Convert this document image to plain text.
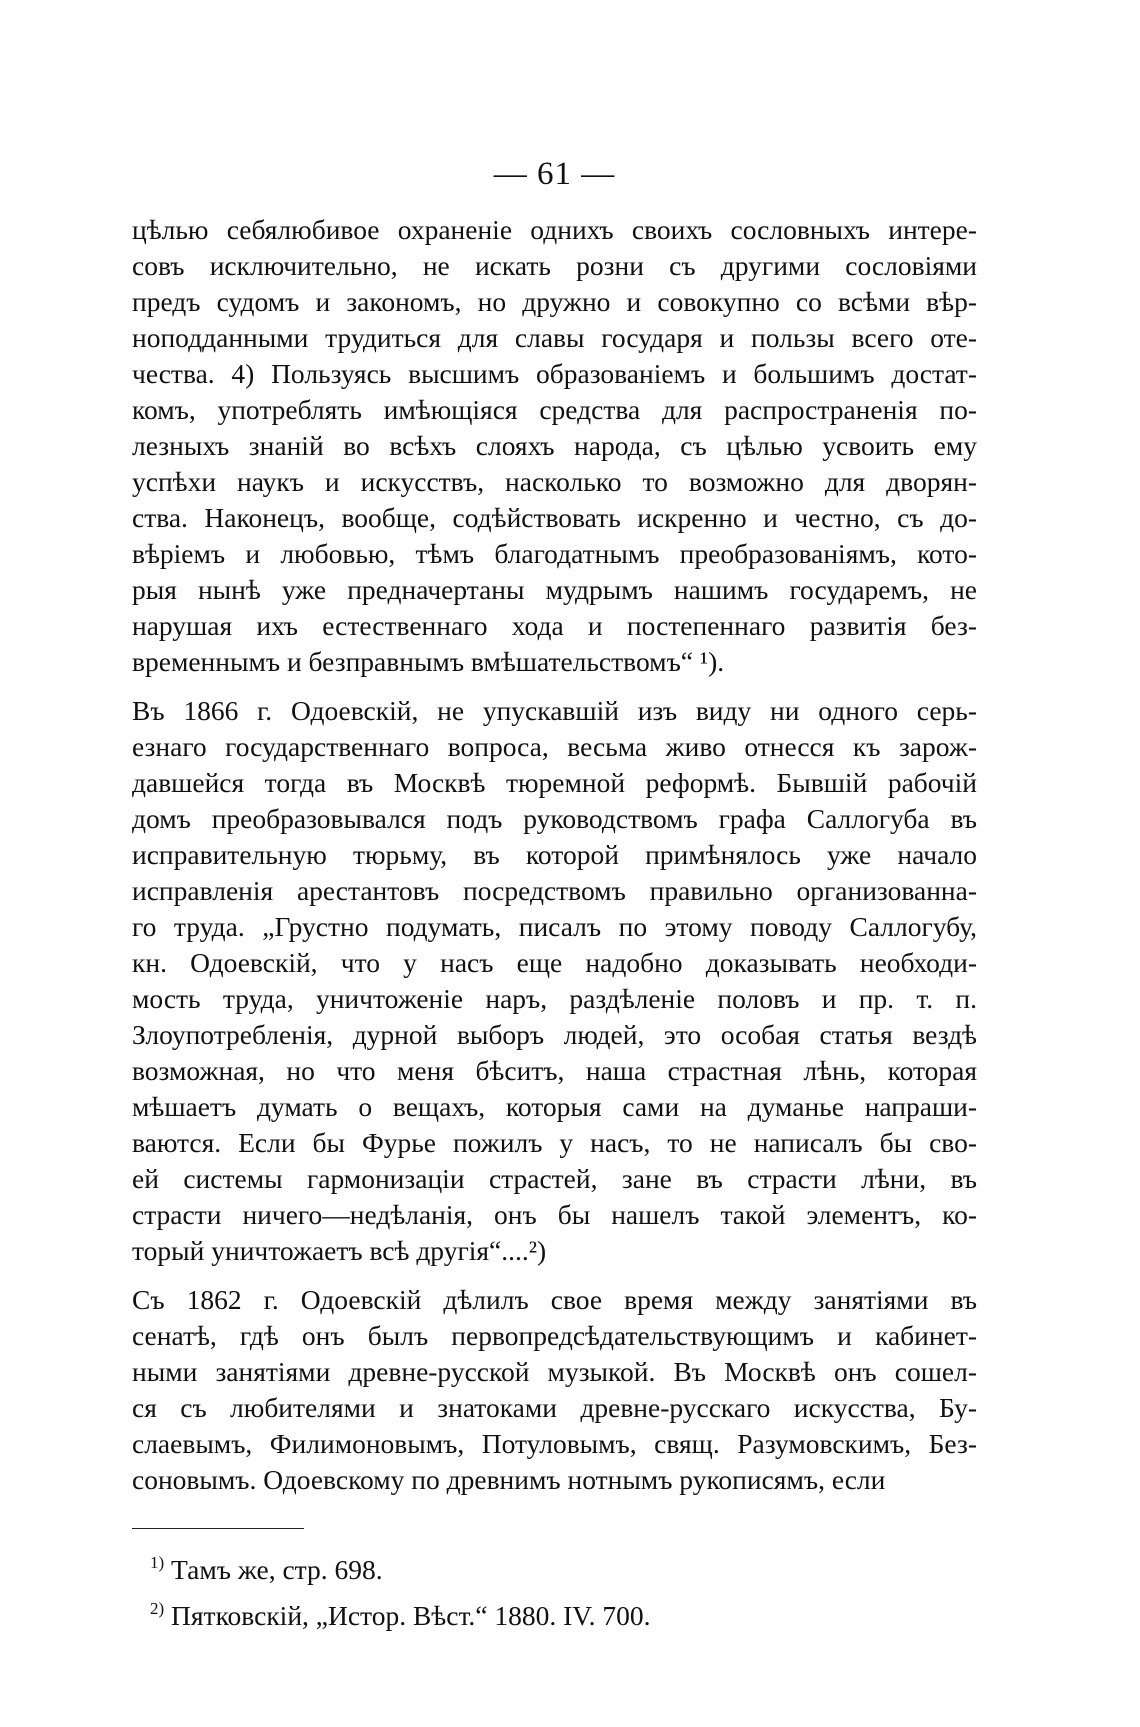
— 61 —

цѣлью себялюбивое охраненіе однихъ своихъ сословныхъ интере-
совъ исключительно, не искать розни съ другими сословіями
предъ судомъ и закономъ, но дружно и совокупно со всѣми вѣр-
ноподданными трудиться для славы государя и пользы всего оте-
чества. 4) Пользуясь высшимъ образованіемъ и большимъ достат-
комъ, употреблять имѣющіяся средства для распространенія по-
лезныхъ знаній во всѣхъ слояхъ народа, съ цѣлью усвоить ему
успѣхи наукъ и искусствъ, насколько то возможно для дворян-
ства. Наконецъ, вообще, содѣйствовать искренно и честно, съ до-
вѣріемъ и любовью, тѣмъ благодатнымъ преобразованіямъ, кото-
рыя нынѣ уже предначертаны мудрымъ нашимъ государемъ, не
нарушая ихъ естественнаго хода и постепеннаго развитія без-
временнымъ и безправнымъ вмѣшательствомъ“ ¹).

Въ 1866 г. Одоевскій, не упускавшій изъ виду ни одного серь-
езнаго государственнаго вопроса, весьма живо отнесся къ зарож-
давшейся тогда въ Москвѣ тюремной реформѣ. Бывшій рабочій
домъ преобразовывался подъ руководствомъ графа Саллогуба въ
исправительную тюрьму, въ которой примѣнялось уже начало
исправленія арестантовъ посредствомъ правильно организованна-
го труда. „Грустно подумать, писалъ по этому поводу Саллогубу,
кн. Одоевскій, что у насъ еще надобно доказывать необходи-
мость труда, уничтоженіе наръ, раздѣленіе половъ и пр. т. п.
Злоупотребленія, дурной выборъ людей, это особая статья вездѣ
возможная, но что меня бѣситъ, наша страстная лѣнь, которая
мѣшаетъ думать о вещахъ, которыя сами на думанье напраши-
ваются. Если бы Фурье пожилъ у насъ, то не написалъ бы сво-
ей системы гармонизаціи страстей, зане въ страсти лѣни, въ
страсти ничего—недѣланія, онъ бы нашелъ такой элементъ, ко-
торый уничтожаетъ всѣ другія“....²)

Съ 1862 г. Одоевскій дѣлилъ свое время между занятіями въ
сенатѣ, гдѣ онъ былъ первопредсѣдательствующимъ и кабинет-
ными занятіями древне-русской музыкой. Въ Москвѣ онъ сошел-
ся съ любителями и знатоками древне-русскаго искусства, Бу-
слаевымъ, Филимоновымъ, Потуловымъ, свящ. Разумовскимъ, Без-
соновымъ. Одоевскому по древнимъ нотнымъ рукописямъ, если

$^{1)}$ Тамъ же, стр. 698.
$^{2)}$ Пятковскій, „Истор. Вѣст.“ 1880. IV. 700.
